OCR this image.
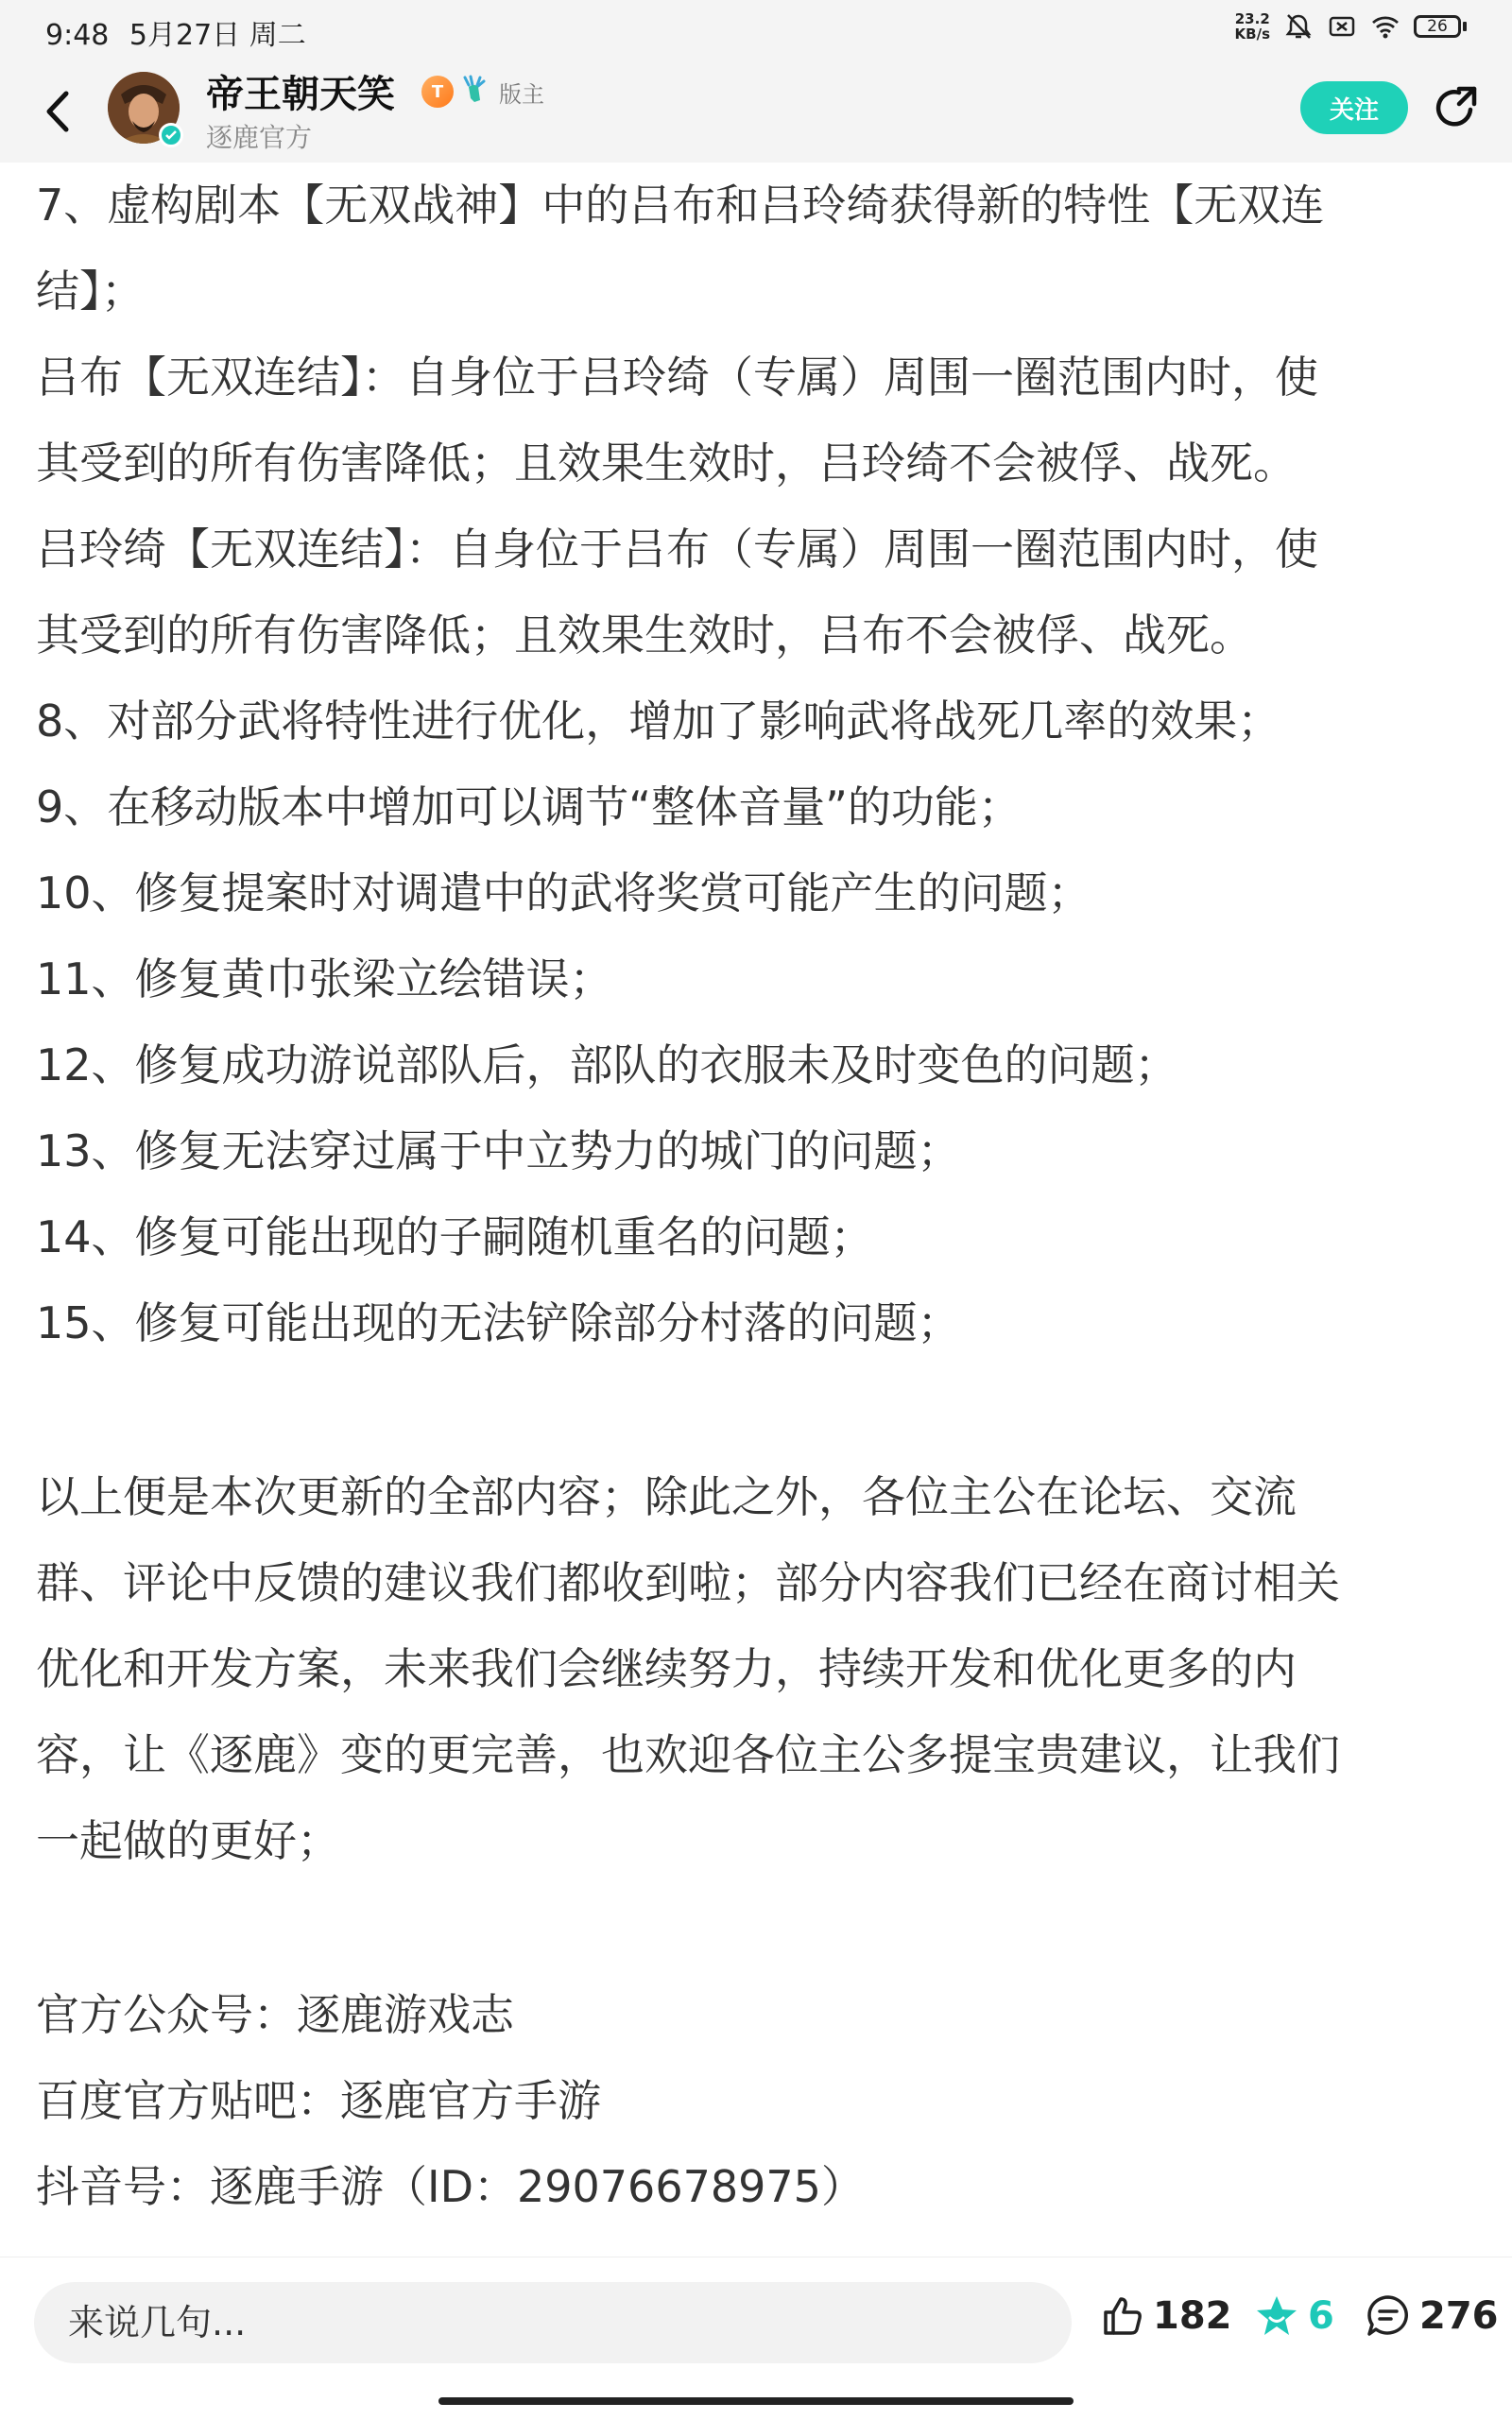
9:48 5月27日 周二	23.2
KB/s	26
帝王朝天笑	T	版主
逐鹿官方
关注
7、虚构剧本【无双战神】中的吕布和吕玲绮获得新的特性【无双连
结】；
吕布【无双连结】：自身位于吕玲绮（专属）周围一圈范围内时，使
其受到的所有伤害降低；且效果生效时，吕玲绮不会被俘、战死。
吕玲绮【无双连结】：自身位于吕布（专属）周围一圈范围内时，使
其受到的所有伤害降低；且效果生效时，吕布不会被俘、战死。
8、对部分武将特性进行优化，增加了影响武将战死几率的效果；
9、在移动版本中增加可以调节“整体音量”的功能；
10、修复提案时对调遣中的武将奖赏可能产生的问题；
11、修复黄巾张梁立绘错误；
12、修复成功游说部队后，部队的衣服未及时变色的问题；
13、修复无法穿过属于中立势力的城门的问题；
14、修复可能出现的子嗣随机重名的问题；
15、修复可能出现的无法铲除部分村落的问题；
以上便是本次更新的全部内容；除此之外，各位主公在论坛、交流
群、评论中反馈的建议我们都收到啦；部分内容我们已经在商讨相关
优化和开发方案，未来我们会继续努力，持续开发和优化更多的内
容，让《逐鹿》变的更完善，也欢迎各位主公多提宝贵建议，让我们
一起做的更好；
官方公众号：逐鹿游戏志
百度官方贴吧：逐鹿官方手游
抖音号：逐鹿手游（ID：29076678975）
来说几句...
182 6 276
